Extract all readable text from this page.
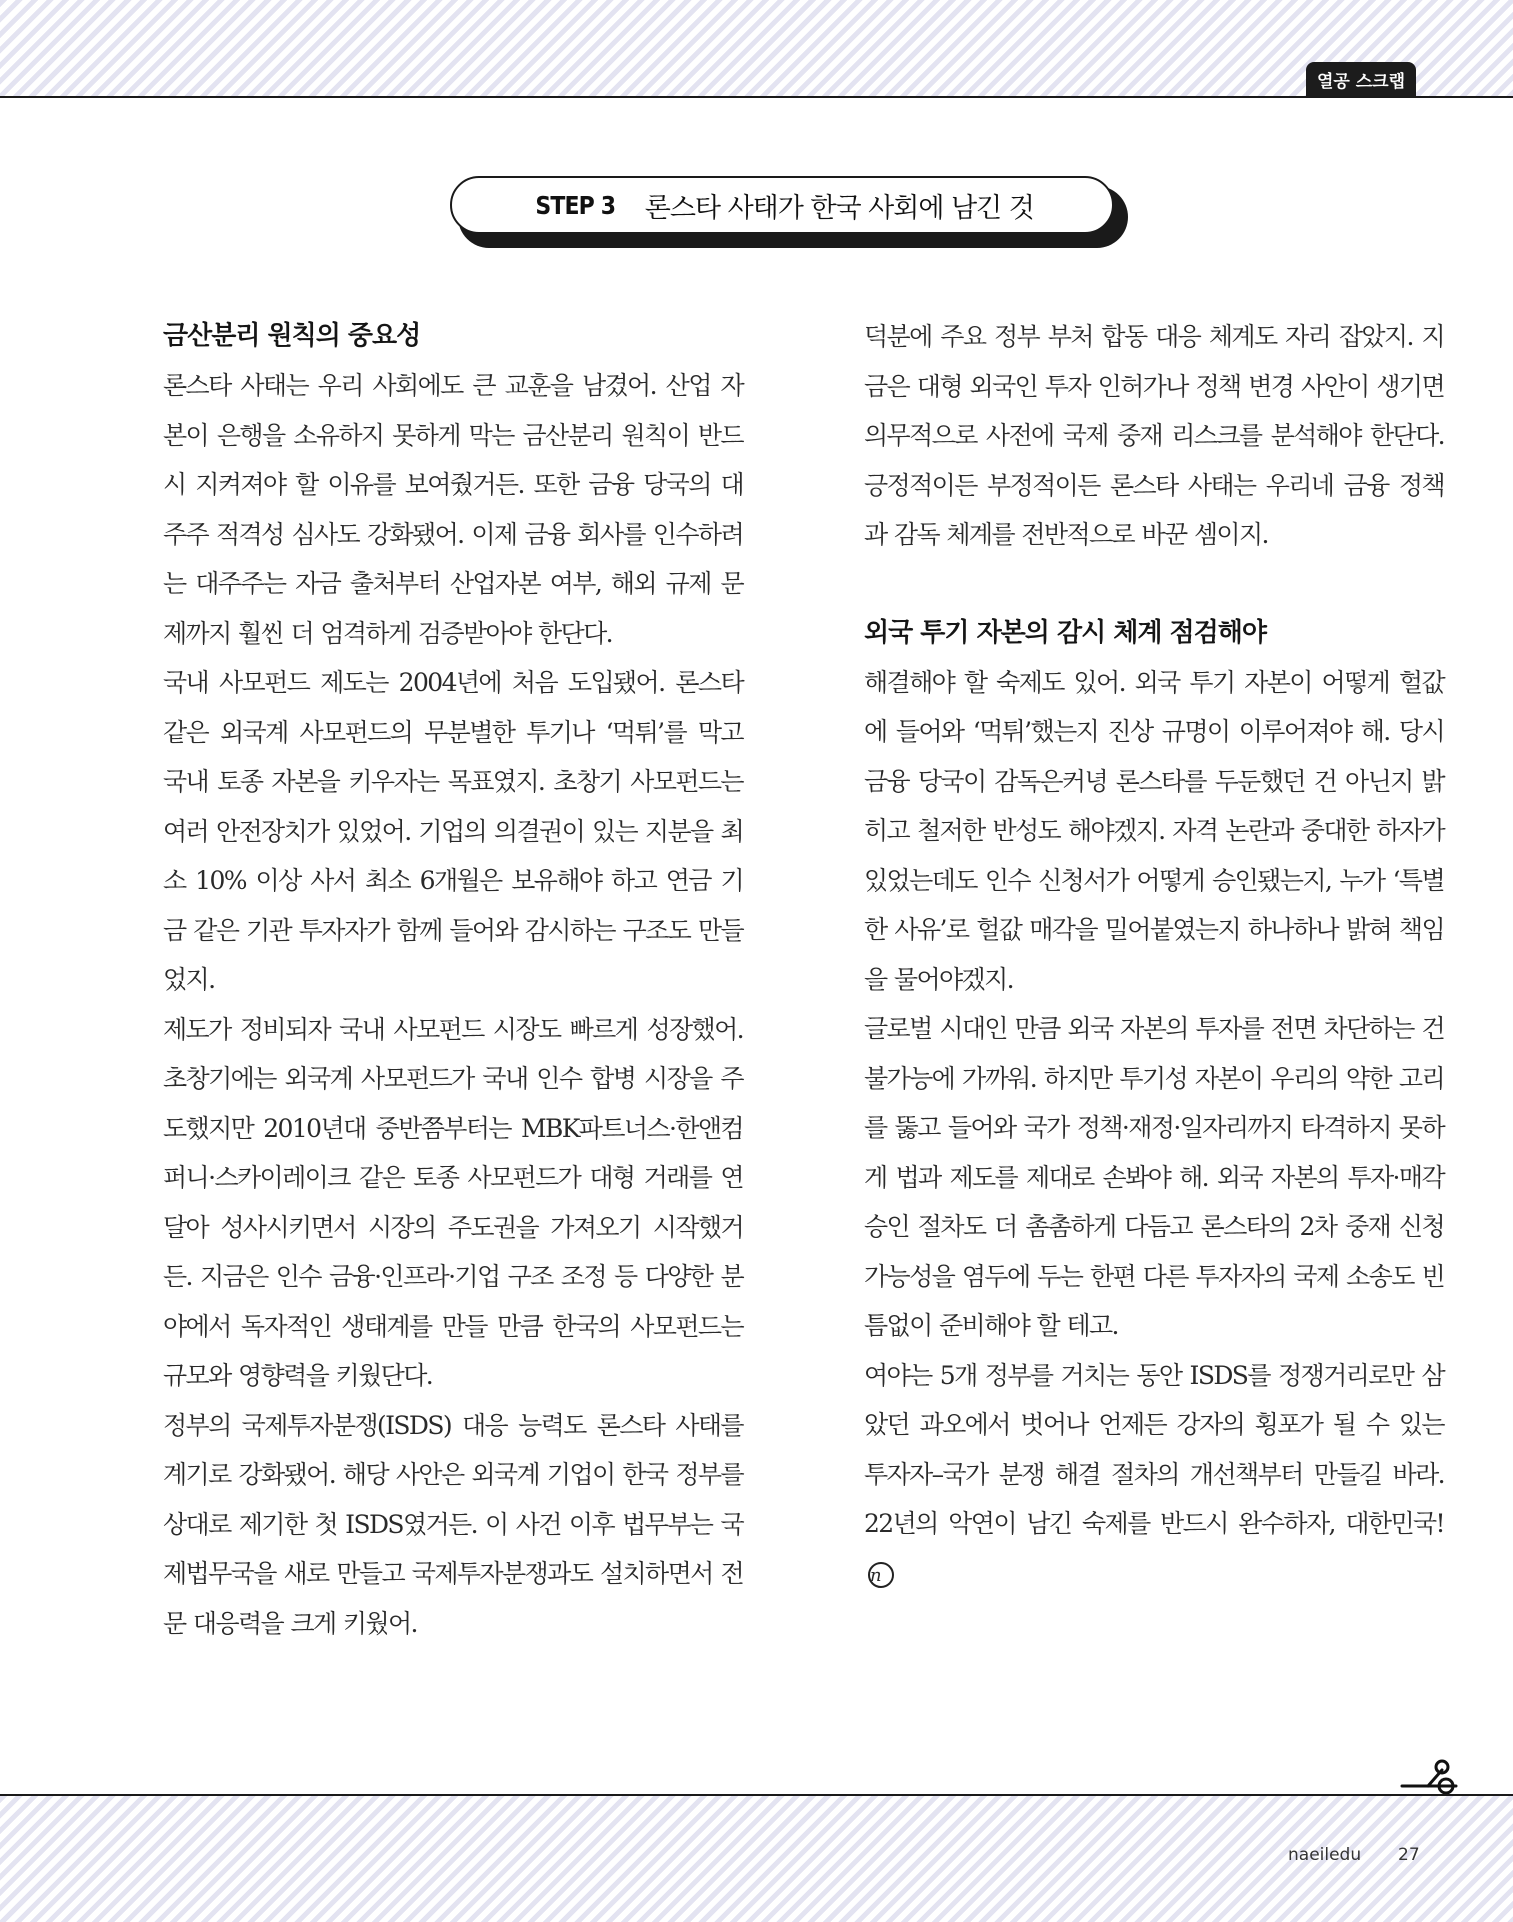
열공 스크랩
STEP 3 론스타 사태가 한국 사회에 남긴 것
금산분리 원칙의 중요성

론스타 사태는 우리 사회에도 큰 교훈을 남겼어. 산업 자본이 은행을 소유하지 못하게 막는 금산분리 원칙이 반드시 지켜져야 할 이유를 보여줬거든. 또한 금융 당국의 대주주 적격성 심사도 강화됐어. 이제 금융 회사를 인수하려는 대주주는 자금 출처부터 산업자본 여부, 해외 규제 문제까지 훨씬 더 엄격하게 검증받아야 한단다.

국내 사모펀드 제도는 2004년에 처음 도입됐어. 론스타 같은 외국계 사모펀드의 무분별한 투기나 ‘먹튀’를 막고 국내 토종 자본을 키우자는 목표였지. 초창기 사모펀드는 여러 안전장치가 있었어. 기업의 의결권이 있는 지분을 최소 10% 이상 사서 최소 6개월은 보유해야 하고 연금 기금 같은 기관 투자자가 함께 들어와 감시하는 구조도 만들었지.

제도가 정비되자 국내 사모펀드 시장도 빠르게 성장했어. 초창기에는 외국계 사모펀드가 국내 인수 합병 시장을 주도했지만 2010년대 중반쯤부터는 MBK파트너스·한앤컴퍼니·스카이레이크 같은 토종 사모펀드가 대형 거래를 연달아 성사시키면서 시장의 주도권을 가져오기 시작했거든. 지금은 인수 금융·인프라·기업 구조 조정 등 다양한 분야에서 독자적인 생태계를 만들 만큼 한국의 사모펀드는 규모와 영향력을 키웠단다.

정부의 국제투자분쟁(ISDS) 대응 능력도 론스타 사태를 계기로 강화됐어. 해당 사안은 외국계 기업이 한국 정부를 상대로 제기한 첫 ISDS였거든. 이 사건 이후 법무부는 국제법무국을 새로 만들고 국제투자분쟁과도 설치하면서 전문 대응력을 크게 키웠어.

덕분에 주요 정부 부처 합동 대응 체계도 자리 잡았지. 지금은 대형 외국인 투자 인허가나 정책 변경 사안이 생기면 의무적으로 사전에 국제 중재 리스크를 분석해야 한단다. 긍정적이든 부정적이든 론스타 사태는 우리네 금융 정책과 감독 체계를 전반적으로 바꾼 셈이지.

외국 투기 자본의 감시 체계 점검해야

해결해야 할 숙제도 있어. 외국 투기 자본이 어떻게 헐값에 들어와 ‘먹튀’했는지 진상 규명이 이루어져야 해. 당시 금융 당국이 감독은커녕 론스타를 두둔했던 건 아닌지 밝히고 철저한 반성도 해야겠지. 자격 논란과 중대한 하자가 있었는데도 인수 신청서가 어떻게 승인됐는지, 누가 ‘특별한 사유’로 헐값 매각을 밀어붙였는지 하나하나 밝혀 책임을 물어야겠지.

글로벌 시대인 만큼 외국 자본의 투자를 전면 차단하는 건 불가능에 가까워. 하지만 투기성 자본이 우리의 약한 고리를 뚫고 들어와 국가 정책·재정·일자리까지 타격하지 못하게 법과 제도를 제대로 손봐야 해. 외국 자본의 투자·매각 승인 절차도 더 촘촘하게 다듬고 론스타의 2차 중재 신청 가능성을 염두에 두는 한편 다른 투자자의 국제 소송도 빈틈없이 준비해야 할 테고.

여야는 5개 정부를 거치는 동안 ISDS를 정쟁거리로만 삼았던 과오에서 벗어나 언제든 강자의 횡포가 될 수 있는 투자자–국가 분쟁 해결 절차의 개선책부터 만들길 바라. 22년의 악연이 남긴 숙제를 반드시 완수하자, 대한민국!n

naeiledu 27
